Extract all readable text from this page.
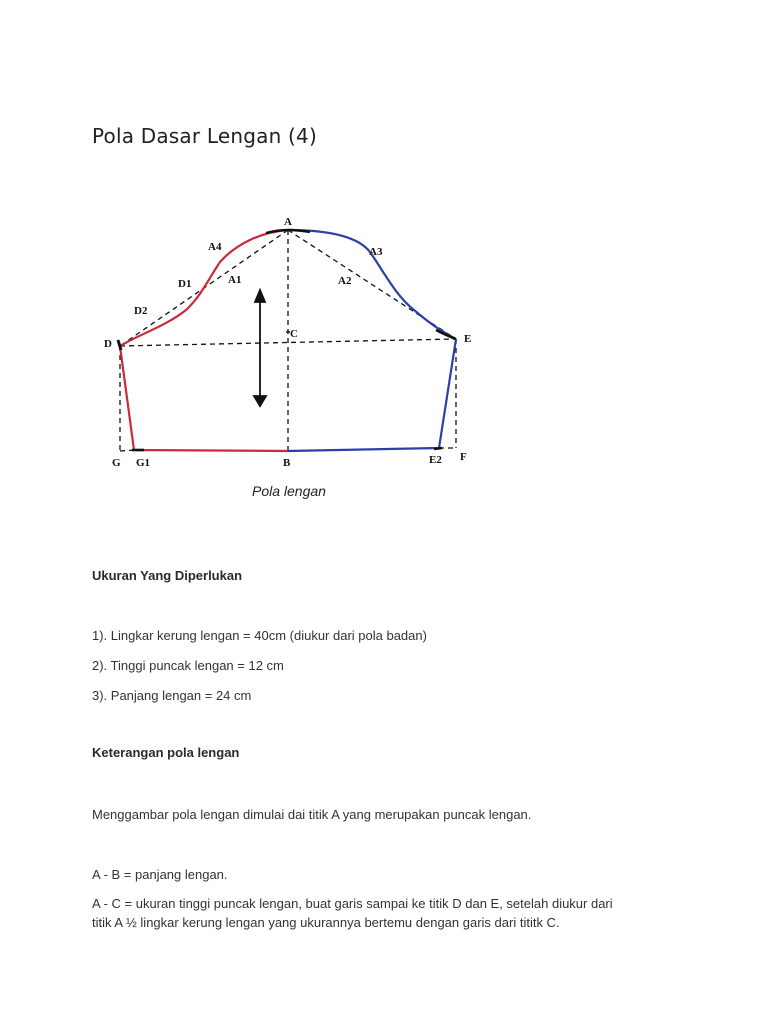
Pola Dasar Lengan (4)
A
A4	A3
D1	A1	A2
D2
C
D	E
G G1	B	E2 F
Pola lengan
Ukuran Yang Diperlukan
1). Lingkar kerung lengan = 40cm (diukur dari pola badan)
2). Tinggi puncak lengan = 12 cm
3). Panjang lengan = 24 cm
Keterangan pola lengan
Menggambar pola lengan dimulai dai titik A yang merupakan puncak lengan.
A - B = panjang lengan.
A - C = ukuran tinggi puncak lengan, buat garis sampai ke titik D dan E, setelah diukur dari
titik A ½ lingkar kerung lengan yang ukurannya bertemu dengan garis dari tititk C.
